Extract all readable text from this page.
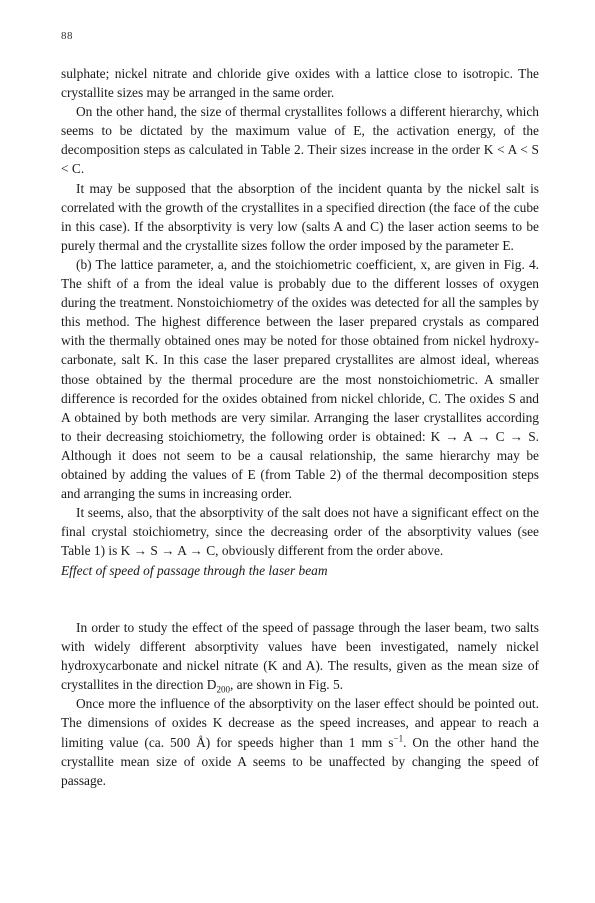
88

sulphate; nickel nitrate and chloride give oxides with a lattice close to isotropic. The crystallite sizes may be arranged in the same order.

On the other hand, the size of thermal crystallites follows a different hierarchy, which seems to be dictated by the maximum value of E, the activation energy, of the decomposition steps as calculated in Table 2. Their sizes increase in the order K < A < S < C.

It may be supposed that the absorption of the incident quanta by the nickel salt is correlated with the growth of the crystallites in a specified direction (the face of the cube in this case). If the absorptivity is very low (salts A and C) the laser action seems to be purely thermal and the crystallite sizes follow the order imposed by the parameter E.

(b) The lattice parameter, a, and the stoichiometric coefficient, x, are given in Fig. 4. The shift of a from the ideal value is probably due to the different losses of oxygen during the treatment. Nonstoichiometry of the oxides was detected for all the samples by this method. The highest difference between the laser prepared crystals as compared with the thermally obtained ones may be noted for those obtained from nickel hydroxycarbonate, salt K. In this case the laser prepared crystallites are almost ideal, whereas those obtained by the thermal procedure are the most nonstoichiometric. A smaller difference is recorded for the oxides obtained from nickel chloride, C. The oxides S and A obtained by both methods are very similar. Arranging the laser crystallites according to their decreasing stoichiometry, the following order is obtained: K → A → C → S. Although it does not seem to be a causal relationship, the same hierarchy may be obtained by adding the values of E (from Table 2) of the thermal decomposition steps and arranging the sums in increasing order.

It seems, also, that the absorptivity of the salt does not have a significant effect on the final crystal stoichiometry, since the decreasing order of the absorptivity values (see Table 1) is K → S → A → C, obviously different from the order above.

Effect of speed of passage through the laser beam

In order to study the effect of the speed of passage through the laser beam, two salts with widely different absorptivity values have been investigated, namely nickel hydroxycarbonate and nickel nitrate (K and A). The results, given as the mean size of crystallites in the direction $D_{200}$, are shown in Fig. 5.

Once more the influence of the absorptivity on the laser effect should be pointed out. The dimensions of oxides K decrease as the speed increases, and appear to reach a limiting value (ca. 500 Å) for speeds higher than 1 mm $s^{-1}$. On the other hand the crystallite mean size of oxide A seems to be unaffected by changing the speed of passage.
